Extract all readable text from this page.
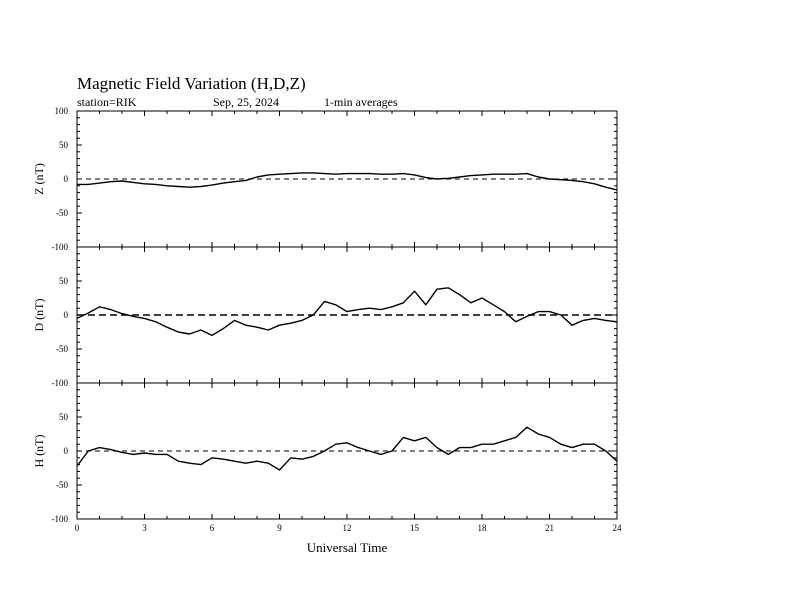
Magnetic Field Variation (H,D,Z)
station=RIK	Sep, 25, 2024	1-min averages
100
50
0
-50
-100
Z (nT)
50
0
-50
-100
D (nT)
50
0
-50
-100
H (nT)
0	3	6	9	12	15	18	21	24
Universal Time
